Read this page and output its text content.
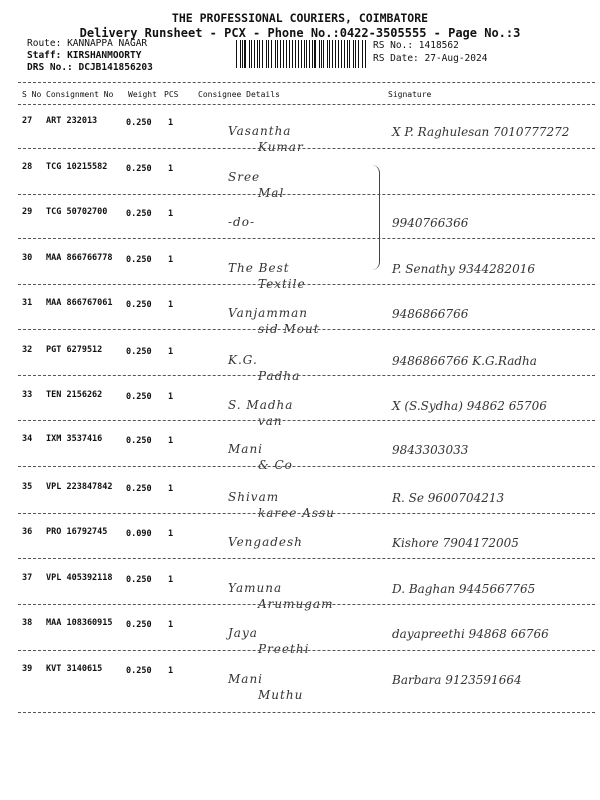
THE PROFESSIONAL COURIERS, COIMBATORE
Delivery Runsheet - PCX - Phone No.:0422-3505555 - Page No.:3
Route: KANNAPPA NAGAR
Staff: KIRSHANMOORTY
DRS No.: DCJB141856203
RS No.: 1418562
RS Date: 27-Aug-2024
S No Consignment No Weight PCS Consignee Details	Signature
27 ART 232013	0.250 1
Vasantha
Kumar
X P. Raghulesan 7010777272
28 TCG 10215582 0.250 1
Sree
Mal
29 TCG 50702700 0.250 1
-do-	9940766366
30 MAA 866766778 0.250 1
The Best
Textile
P. Senathy 9344282016
31 MAA 866767061 0.250 1
Vanjamman
sid Mout
9486866766
32 PGT 6279512	0.250 1
K.G.
Padha
9486866766 K.G.Radha
33 TEN 2156262	0.250 1
S. Madha
van
X (S.Sydha) 94862 65706
34 IXM 3537416	0.250 1
Mani
& Co
9843303033
35 VPL 223847842 0.250 1
Shivam
karee Assu
R. Se 9600704213
36 PRO 16792745 0.090 1
Vengadesh	Kishore 7904172005
37 VPL 405392118 0.250 1
Yamuna
Arumugam
D. Baghan 9445667765
38 MAA 108360915 0.250 1
Jaya
Preethi
dayapreethi 94868 66766
39 KVT 3140615	0.250 1
Mani
Muthu
Barbara 9123591664
